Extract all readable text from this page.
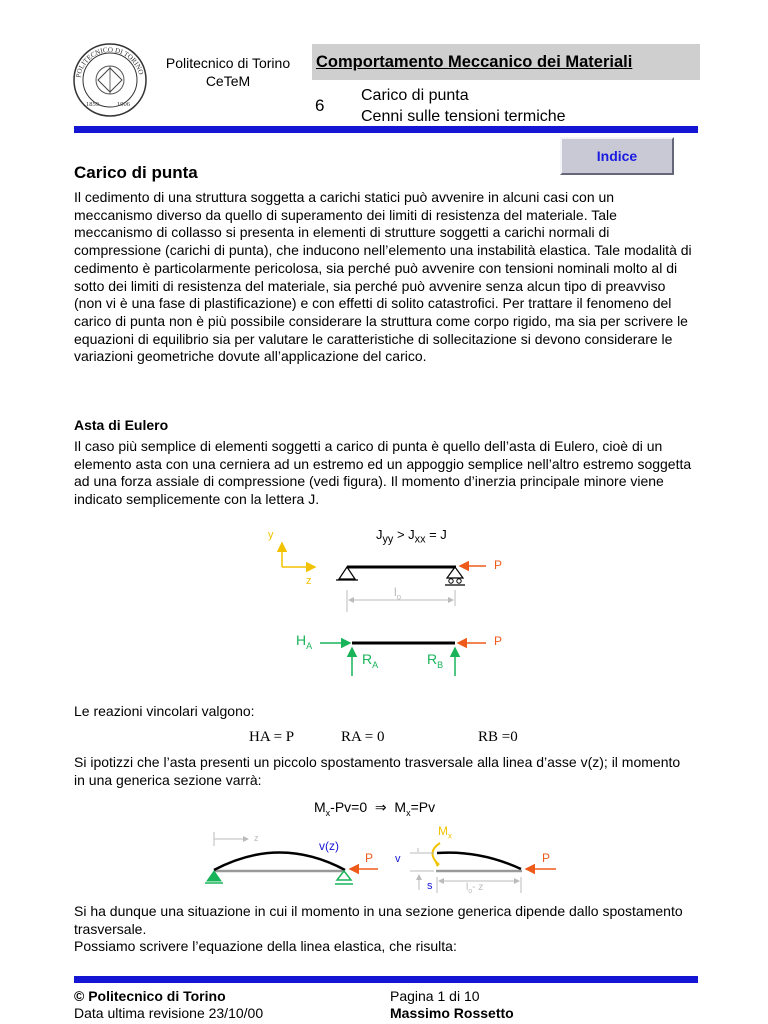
POLITECNICO DI TORINO
1859	1906
Politecnico di Torino
CeTeM
Comportamento Meccanico dei Materiali
6
Carico di punta
Cenni sulle tensioni termiche
Indice
Carico di punta
Il cedimento di una struttura soggetta a carichi statici può avvenire in alcuni casi con un meccanismo diverso da quello di superamento dei limiti di resistenza del materiale. Tale meccanismo di collasso si presenta in elementi di strutture soggetti a carichi normali di compressione (carichi di punta), che inducono nell’elemento una instabilità elastica. Tale modalità di cedimento è particolarmente pericolosa, sia perché può avvenire con tensioni nominali molto al di sotto dei limiti di resistenza del materiale, sia perché può avvenire senza alcun tipo di preavviso (non vi è una fase di plastificazione) e con effetti di solito catastrofici. Per trattare il fenomeno del carico di punta non è più possibile considerare la struttura come corpo rigido, ma sia per scrivere le equazioni di equilibrio sia per valutare le caratteristiche di sollecitazione si devono considerare le variazioni geometriche dovute all’applicazione del carico.
Asta di Eulero
Il caso più semplice di elementi soggetti a carico di punta è quello dell’asta di Eulero, cioè di un elemento asta con una cerniera ad un estremo ed un appoggio semplice nell’altro estremo soggetta ad una forza assiale di compressione (vedi figura). Il momento d’inerzia principale minore viene indicato semplicemente con la lettera J.
$J_{yy} > J_{xx} = J$
y
z
P
$l_o$
$H_A$	P
$R_A$	$R_B$
Le reazioni vincolari valgono:
HA = P	RA = 0	RB =0
Si ipotizzi che l’asta presenti un piccolo spostamento trasversale alla linea d’asse v(z); il momento in una generica sezione varrà:
$M_x-Pv=0$  ⇒  $M_x=Pv$
z
v(z)
P v
$M_x$
P
s	$l_o-$ z
Si ha dunque una situazione in cui il momento in una sezione generica dipende dallo spostamento trasversale.
Possiamo scrivere l’equazione della linea elastica, che risulta:
© Politecnico di Torino
Data ultima revisione 23/10/00
Pagina 1 di 10
Massimo Rossetto
